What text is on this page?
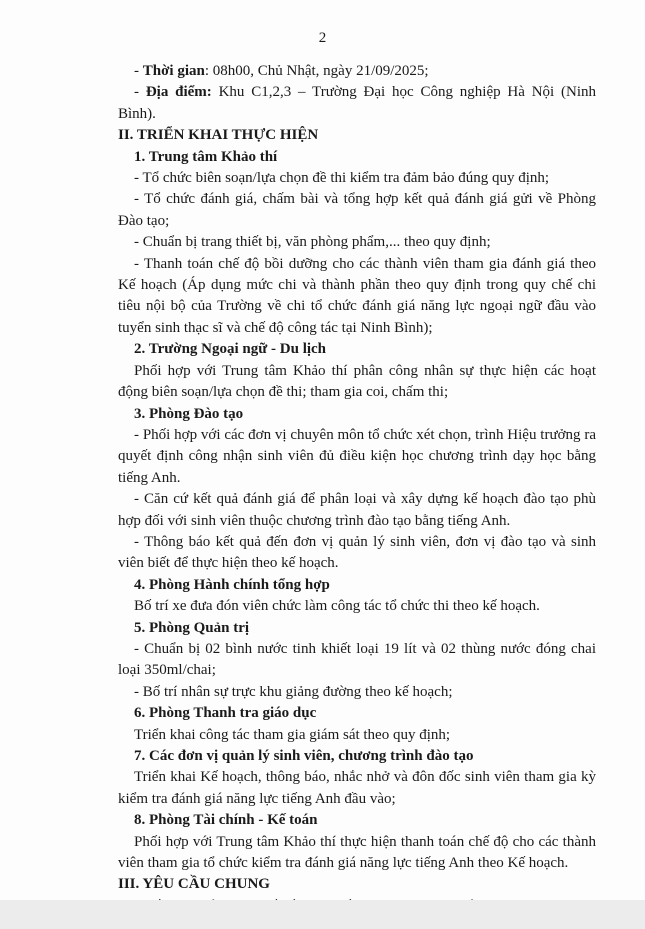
2

- Thời gian: 08h00, Chủ Nhật, ngày 21/09/2025;

- Địa điểm: Khu C1,2,3 – Trường Đại học Công nghiệp Hà Nội (Ninh Bình).

II. TRIỂN KHAI THỰC HIỆN

1. Trung tâm Khảo thí

- Tổ chức biên soạn/lựa chọn đề thi kiểm tra đảm bảo đúng quy định;

- Tổ chức đánh giá, chấm bài và tổng hợp kết quả đánh giá gửi về Phòng Đào tạo;

- Chuẩn bị trang thiết bị, văn phòng phẩm,... theo quy định;

- Thanh toán chế độ bồi dưỡng cho các thành viên tham gia đánh giá theo Kế hoạch (Áp dụng mức chi và thành phần theo quy định trong quy chế chi tiêu nội bộ của Trường về chi tổ chức đánh giá năng lực ngoại ngữ đầu vào tuyển sinh thạc sĩ và chế độ công tác tại Ninh Bình);

2. Trường Ngoại ngữ - Du lịch

Phối hợp với Trung tâm Khảo thí phân công nhân sự thực hiện các hoạt động biên soạn/lựa chọn đề thi; tham gia coi, chấm thi;

3. Phòng Đào tạo

- Phối hợp với các đơn vị chuyên môn tổ chức xét chọn, trình Hiệu trưởng ra quyết định công nhận sinh viên đủ điều kiện học chương trình dạy học bằng tiếng Anh.

- Căn cứ kết quả đánh giá để phân loại và xây dựng kế hoạch đào tạo phù hợp đối với sinh viên thuộc chương trình đào tạo bằng tiếng Anh.

- Thông báo kết quả đến đơn vị quản lý sinh viên, đơn vị đào tạo và sinh viên biết để thực hiện theo kế hoạch.

4. Phòng Hành chính tổng hợp

Bố trí xe đưa đón viên chức làm công tác tổ chức thi theo kế hoạch.

5. Phòng Quản trị

- Chuẩn bị 02 bình nước tinh khiết loại 19 lít và 02 thùng nước đóng chai loại 350ml/chai;

- Bố trí nhân sự trực khu giảng đường theo kế hoạch;

6. Phòng Thanh tra giáo dục

Triển khai công tác tham gia giám sát theo quy định;

7. Các đơn vị quản lý sinh viên, chương trình đào tạo

Triển khai Kế hoạch, thông báo, nhắc nhở và đôn đốc sinh viên tham gia kỳ kiểm tra đánh giá năng lực tiếng Anh đầu vào;

8. Phòng Tài chính - Kế toán

Phối hợp với Trung tâm Khảo thí thực hiện thanh toán chế độ cho các thành viên tham gia tổ chức kiểm tra đánh giá năng lực tiếng Anh theo Kế hoạch.

III. YÊU CẦU CHUNG
